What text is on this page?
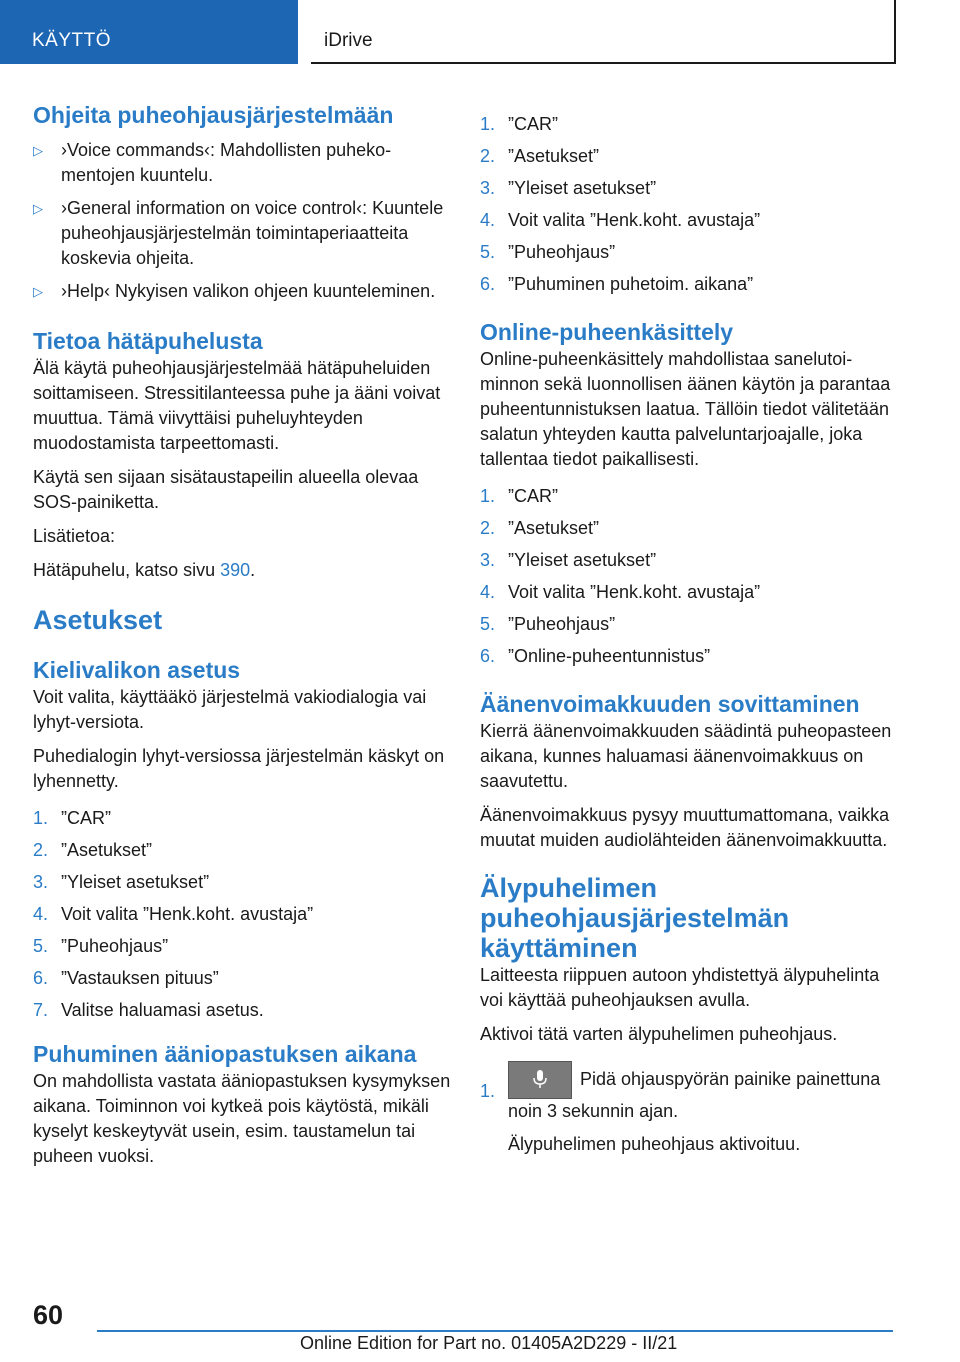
KÄYTTÖ	iDrive
Ohjeita puheohjausjärjestelmään
▷ ›Voice commands‹: Mahdollisten puhekomentojen kuuntelu.
▷ ›General information on voice control‹: Kuuntele puheohjausjärjestelmän toimintaperiaatteita koskevia ohjeita.
▷ ›Help‹ Nykyisen valikon ohjeen kuunteleminen.
Tietoa hätäpuhelusta

Älä käytä puheohjausjärjestelmää hätäpuheluiden soittamiseen. Stressitilanteessa puhe ja ääni voivat muuttua. Tämä viivyttäisi puheluyhteyden muodostamista tarpeettomasti.

Käytä sen sijaan sisätaustapeilin alueella olevaa SOS-painiketta.

Lisätietoa:

Hätäpuhelu, katso sivu 390.

Asetukset
Kielivalikon asetus

Voit valita, käyttääkö järjestelmä vakiodialogia vai lyhyt-versiota.

Puhedialogin lyhyt-versiossa järjestelmän käskyt on lyhennetty.

1. ”CAR”
2. ”Asetukset”
3. ”Yleiset asetukset”
4. Voit valita ”Henk.koht. avustaja”
5. ”Puheohjaus”
6. ”Vastauksen pituus”
7. Valitse haluamasi asetus.
Puhuminen ääniopastuksen aikana

On mahdollista vastata ääniopastuksen kysymyksen aikana. Toiminnon voi kytkeä pois käytöstä, mikäli kyselyt keskeytyvät usein, esim. taustamelun tai puheen vuoksi.

1. ”CAR”
2. ”Asetukset”
3. ”Yleiset asetukset”
4. Voit valita ”Henk.koht. avustaja”
5. ”Puheohjaus”
6. ”Puhuminen puhetoim. aikana”
Online-puheenkäsittely

Online-puheenkäsittely mahdollistaa sanelutoiminnon sekä luonnollisen äänen käytön ja parantaa puheentunnistuksen laatua. Tällöin tiedot välitetään salatun yhteyden kautta palveluntarjoajalle, joka tallentaa tiedot paikallisesti.

1. ”CAR”
2. ”Asetukset”
3. ”Yleiset asetukset”
4. Voit valita ”Henk.koht. avustaja”
5. ”Puheohjaus”
6. ”Online-puheentunnistus”
Äänenvoimakkuuden sovittaminen

Kierrä äänenvoimakkuuden säädintä puheopasteen aikana, kunnes haluamasi äänenvoimakkuus on saavutettu.

Äänenvoimakkuus pysyy muuttumattomana, vaikka muutat muiden audiolähteiden äänenvoimakkuutta.

Älypuhelimen
puheohjausjärjestelmän
käyttäminen

Laitteesta riippuen autoon yhdistettyä älypuhelinta voi käyttää puheohjauksen avulla.

Aktivoi tätä varten älypuhelimen puheohjaus.

1.
Pidä ohjauspyörän painike painettuna noin 3 sekunnin ajan.
Älypuhelimen puheohjaus aktivoituu.
60
Online Edition for Part no. 01405A2D229 - II/21
